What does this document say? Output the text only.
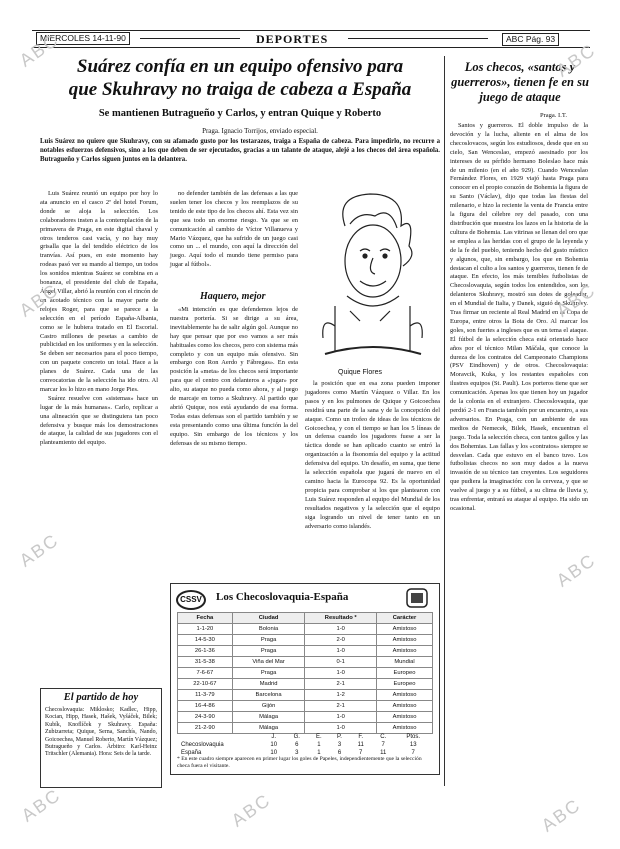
MIERCOLES 14-11-90	DEPORTES	ABC Pág. 93
Suárez confía en un equipo ofensivo para
que Skuhravy no traiga de cabeza a España
Se mantienen Butragueño y Carlos, y entran Quique y Roberto
Praga. Ignacio Torrijos, enviado especial.
Luis Suárez no quiere que Skuhravy, con su afamado gusto por los testarazos, traiga a España de cabeza. Para impedirlo, no recurre a notables esfuerzos defensivos, sino a los que deben de ser ejecutados, gracias a un talante de ataque, alejé a los checos del área española. Butragueño y Carlos siguen juntos en la delantera.

Luis Suárez reunió un equipo por hoy lo ata anuncio en el casco 2ª del hotel Forum, donde se aloja la selección. Los colaboradores insten a la contemplación de la primavera de Praga, en este digital chaval y otros tenderos casi vacía, y no hay muy grisalla que la del tendido eléctrico de los tranvías. Así pues, en este momento hay rodeas pasó ver su mando al tiempo, un todos los sonidos mientras Suárez se combina en a bonanza, el presidente del club de España, Ángel Villar, abrió la reunión con el rincón de un acotado técnico con la mayor parte de relojes Roger, para que se parece a la selección en el período España-Albania, como se le hubiera tratado en El Escorial. Castro millones de pesetas a cambio de publicidad en los uniformes y en la selección. Se deben ser necesarios para el poco tiempo, con un paquete concreto un total. Hace a la planes de Suárez. Cada una de las convocatorias de la selección ha ido otro. Al marcar los lo hizo en mano Jorge Pies.

Suárez resuelve con «sistemas» hace un lugar de la más humanas». Carlo, replicar a una alineación que se distinguiera tan poco defensiva y busque más los demostraciones de ataque, la calidad de sus jugadores con el planteamiento del equipo.

no defender también de las defensas a las que suelen tener los checos y los reemplazos de su tenido de este tipo de los checos ahí. Esta vez sin que sea todo un enorme riesgo. Ya que se en comunicación al cambio de Víctor Villanueva y Mario Vázquez, que ha sufrido de un juego casi como un ... el mundo, con aquí la dirección del juego. Aquí todo el mundo tiene permiso para jugar al fútbol».

Quique Flores
Haquero, mejor

«Mi intención es que defendemos lejos de nuestra portería. Si se dirige a su área, inevitablemente ha de salir algún gol. Aunque no hay que pensar que por eso vamos a ser más habituales como los checos, pero con sistema más completo y con un equipo más ofensivo. Sin embargo con Ron Aerdo y Fábregas». En esta posición la «meta» de los checos será importante para que el centro con delanteros a «jugar» por alto, su ataque no pueda como ahora, y al juego de marcaje en torno a Skuhravy. Al partido que abrió Quique, nos está ayudando de esa forma. Todas estas defensas son el partido también y se esta presentando como una última función la del equipo. Sin embargo de los técnicos y los defensas de su mismo tiempo.

la posición que en esa zona pueden imponer jugadores como Martín Vázquez o Villar. En los pasos y en los pulmones de Quique y Goicoechea residirá una parte de la sana y de la concepción del ataque. Como un trofeo de ideas de los técnicos de Goicoechea, y con el tiempo se han los 5 líneas de un defensa cuando los jugadores fuese a ser la táctica donde se han aplicado cuanto se entró la organización a la fisonomía del equipo y la actitud defensiva del equipo. Un desafío, en suma, que tiene la selección española que jugará de nuevo en el camino hacia la Eurocopa 92. Es la oportunidad propicia para comprobar si los que plantearon con Luis Suárez responden al equipo del Mundial de los resultados negativos y la selección que el equipo siga logrando un nivel de tener tanto en un adversario como islandés.

CSSV	Los Checoslovaquia-España
Fecha	Ciudad	Resultado *	Carácter
1-1-20	Bolonia	1-0	Amistoso
14-5-30	Praga	2-0	Amistoso
26-1-36	Praga	1-0	Amistoso
31-5-38	Viña del Mar	0-1	Mundial
7-6-67	Praga	1-0	Europeo
22-10-67	Madrid	2-1	Europeo
11-3-79	Barcelona	1-2	Amistoso
16-4-86	Gijón	2-1	Amistoso
24-3-90	Málaga	1-0	Amistoso
21-2-90	Málaga	1-0	Amistoso
	J.	G.	E.	P.	F.	C.	Ptos.
Checoslovaquia	10	6	1	3	11	7	13
España	10	3	1	6	7	11	7
* En este cuadro siempre aparecen en primer lugar los goles de Papeles, independientemente que la selección checa fuera el visitante.
El partido de hoy
Checoslovaquia: Miklosko; Kadlec, Hipp, Kocian, Hipp, Hasek, Hašek, Vyšáček, Bilek; Kubík, Knoflíček y Skuhravy. España: Zubizarreta; Quique, Serna, Sanchís, Nando, Goicoechea, Manuel Roberto, Martín Vázquez; Butragueño y Carlos. Árbitro: Karl-Heinz Tritschler (Alemania). Hora: Seis de la tarde.
Los checos, «santos y guerreros», tienen fe en su juego de ataque
Praga. I.T.

Santos y guerreros. El doble impulso de la devoción y la lucha, aliente en el alma de los checoslovacos, según los estudiosos, desde que en su cielo, San Wenceslao, empezó asesinado por los intereses de su pérfido hermano Boleslao hace más de un milenio (en el año 929). Cuando Wenceslao Fernández Flores, en 1929 viajó hasta Praga para conocer en el propio corazón de Bohemia la figura de su Santo (Václav), dijo que todas las fiestas del milenario, e hizo la reciente la venta de Francia entre la figura del célebre rey del pasado, con una distribución que muestra los lazos en la historia de la cultura de Bohemia. Las vitrinas se llenan del oro que se emplea a las heridas con el grupo de la leyenda y de la fe del pueblo, teniendo hecho del gusto místico y algunos, que, sin embargo, los que en Bohemia destacan el culto a los santos y guerreros, tienen fe de ataque. En efecto, los más temibles futbolistas de Checoslovaquia, según todos los entendidos, son los delanteros Skuhravy, mostró sus dotes de goleador, en el Mundial de Italia, y Danek, siguió de Skuhravy. Tras firmar un reciente al Real Madrid en la Copa de Europa, entre otros la Bota de Oro. Al marcar los goles, son fuertes a ingleses que es un tema el ataque. El fútbol de la selección checa está orientado hace años por el técnico Milan Máčala, que conoce la dureza de los contratos del Campeonato Champions (PSV Eindhoven) y de otros. Checoslovaquia: Moravcik, Kuka, y los restantes españoles con ilustres equipos (St. Pauli). Los porteros tiene que ser comunicación. Apenas los que tienen hoy un jugador de la colonia en el extranjero. Checoslovaquia, que perdió 2-1 en Francia también por un encuentro, a sus adversarios. En Praga, con un ambiente de sus medios de Nemecek, Bilek, Hasek, encuentran el juego. Toda la selección checa, con tantos gallos y las dos Bohemias. Las fallas y los «contratos» siempre se desvelan. Cada que estuvo en el banco tuvo. Los futbolistas checos no son muy dados a la nueva invasión de su técnico tan creyentes. Los seguidores que pudiera la imaginación: con la cerveza, y que se vuelve al juego y a su fútbol, a su clima de lluvia y, tras enfrentar, entrará su ataque al equipo. Ha sido un ocasional.

ABC	ABC
ABC	ABC
ABC	ABC
ABC	ABC	ABC
